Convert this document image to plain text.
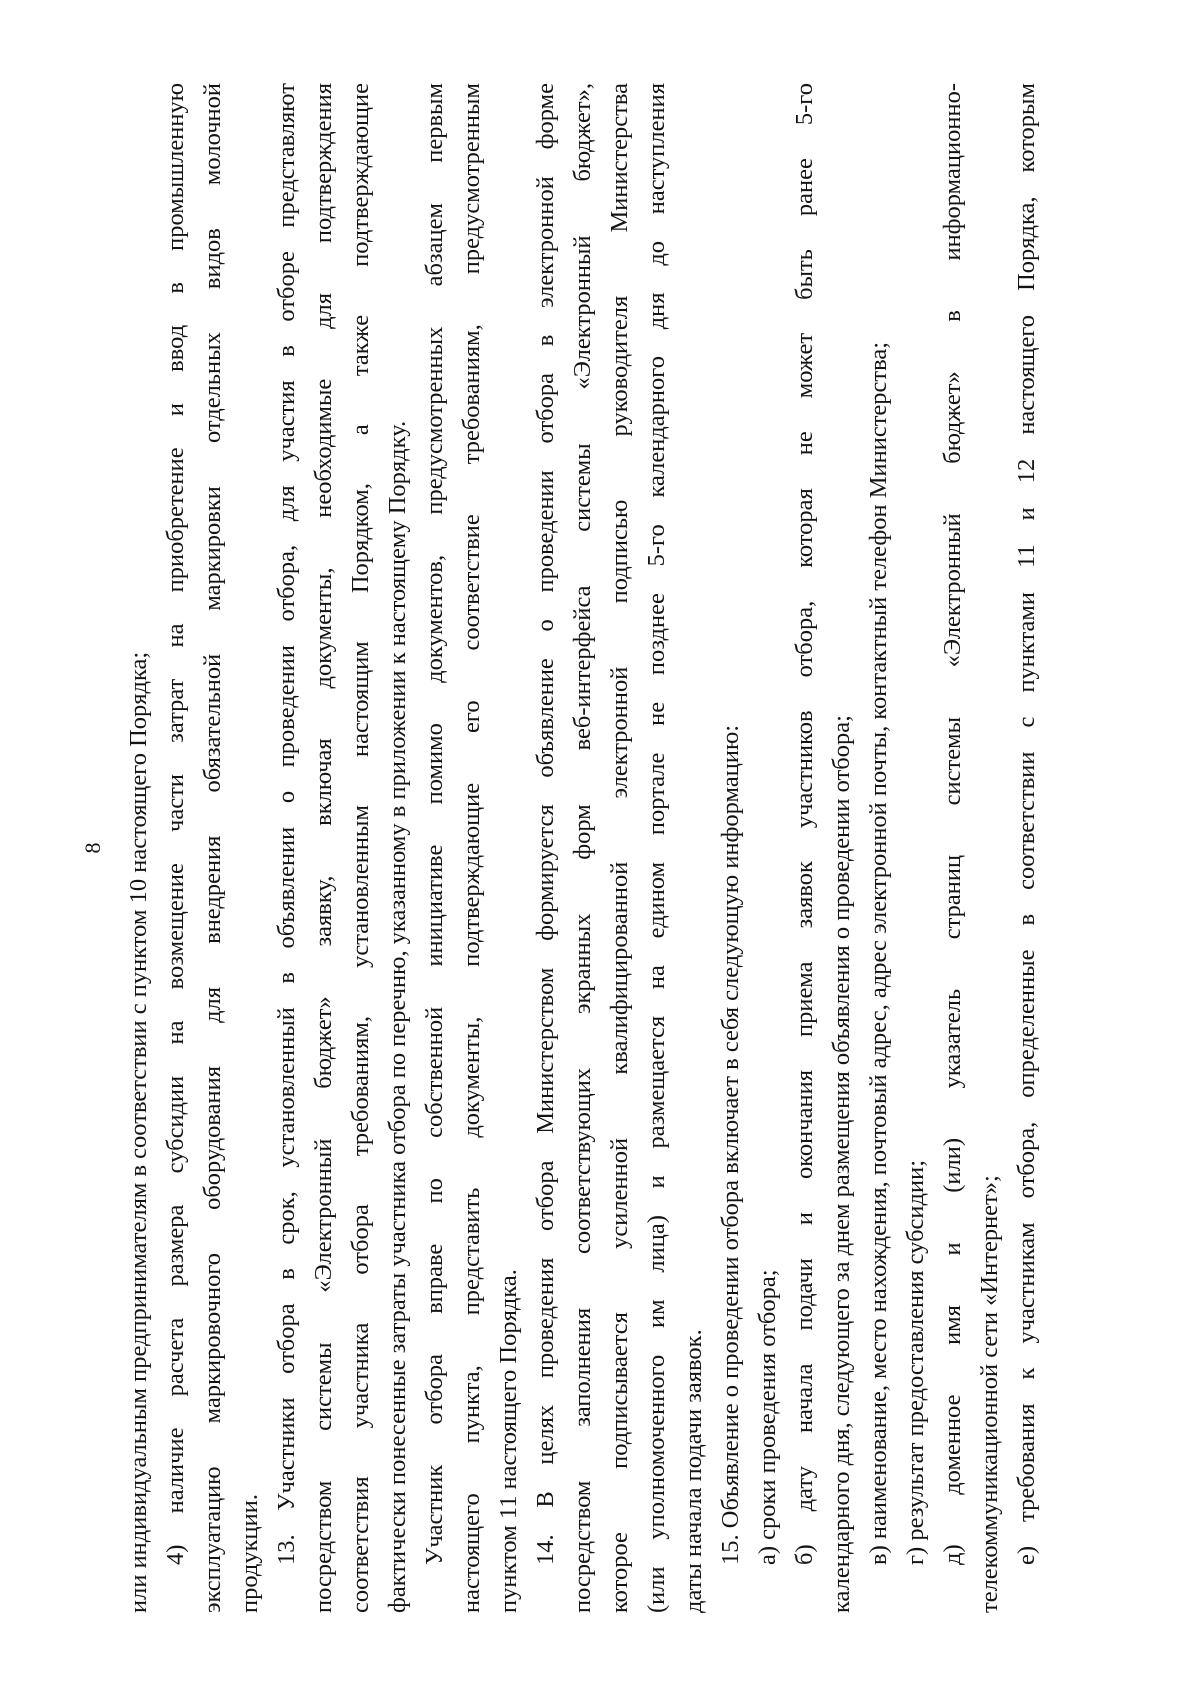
8 или индивидуальным предпринимателям в соответствии с пунктом 10 настоящего Порядка; 4) наличие расчета размера субсидии на возмещение части затрат на приобретение и ввод в промышленную эксплуатацию маркировочного оборудования для внедрения обязательной маркировки отдельных видов молочной продукции. 13. Участники отбора в срок, установленный в объявлении о проведении отбора, для участия в отборе представляют посредством системы «Электронный бюджет» заявку, включая документы, необходимые для подтверждения соответствия участника отбора требованиям, установленным настоящим Порядком, а также подтверждающие фактически понесенные затраты участника отбора по перечню, указанному в приложении к настоящему Порядку. Участник отбора вправе по собственной инициативе помимо документов, предусмотренных абзацем первым настоящего пункта, представить документы, подтверждающие его соответствие требованиям, предусмотренным пунктом 11 настоящего Порядка. 14. В целях проведения отбора Министерством формируется объявление о проведении отбора в электронной форме посредством заполнения соответствующих экранных форм веб-интерфейса системы «Электронный бюджет», которое подписывается усиленной квалифицированной электронной подписью руководителя Министерства (или уполномоченного им лица) и размещается на едином портале не позднее 5-го календарного дня до наступления даты начала подачи заявок. 15. Объявление о проведении отбора включает в себя следующую информацию: а) сроки проведения отбора; б) дату начала подачи и окончания приема заявок участников отбора, которая не может быть ранее 5-го календарного дня, следующего за днем размещения объявления о проведении отбора; в) наименование, место нахождения, почтовый адрес, адрес электронной почты, контактный телефон Министерства; г) результат предоставления субсидии; д) доменное имя и (или) указатель страниц системы «Электронный бюджет» в информационно- телекоммуникационной сети «Интернет»; е) требования к участникам отбора, определенные в соответствии с пунктами 11 и 12 настоящего Порядка, которым
